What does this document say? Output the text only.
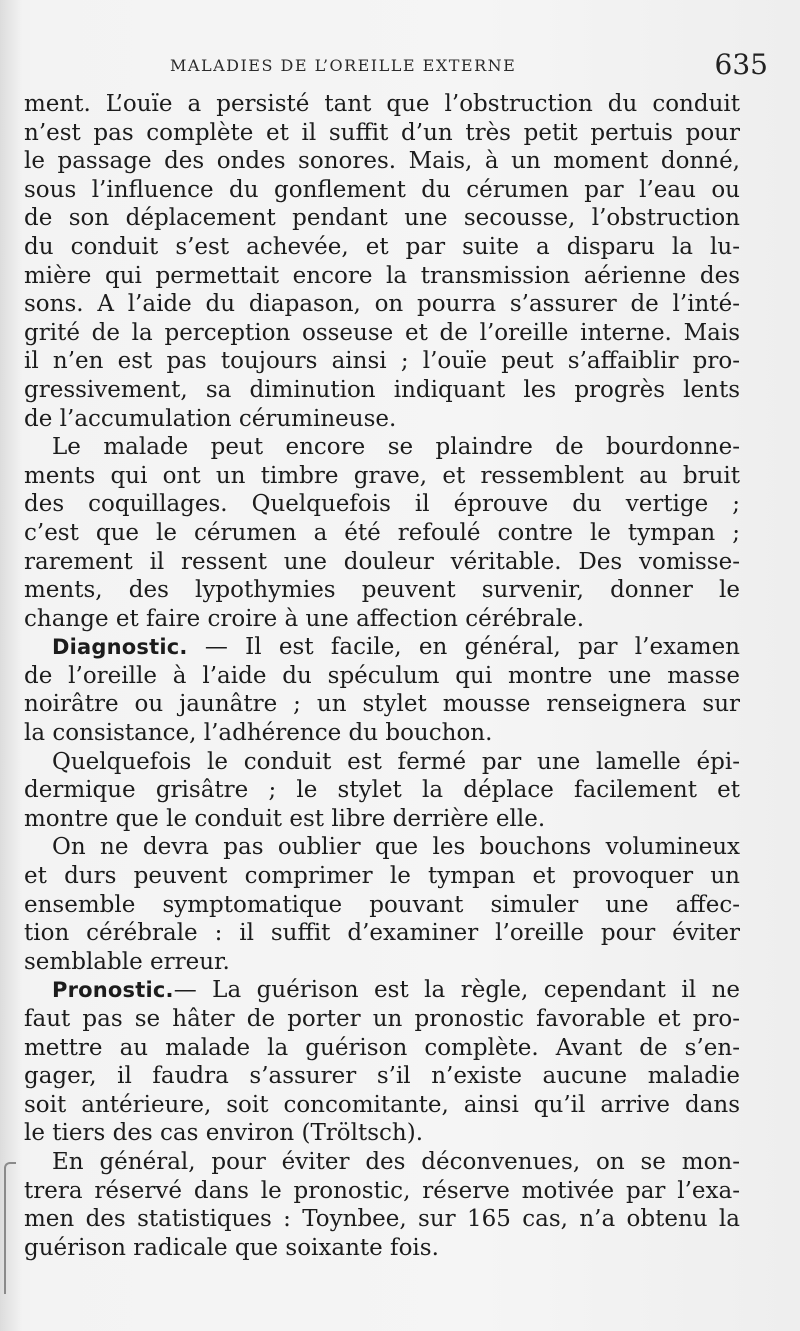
MALADIES DE L’OREILLE EXTERNE	635
ment. L’ouïe a persisté tant que l’obstruction du conduit
n’est pas complète et il suffit d’un très petit pertuis pour
le passage des ondes sonores. Mais, à un moment donné,
sous l’influence du gonflement du cérumen par l’eau ou
de son déplacement pendant une secousse, l’obstruction
du conduit s’est achevée, et par suite a disparu la lu-
mière qui permettait encore la transmission aérienne des
sons. A l’aide du diapason, on pourra s’assurer de l’inté-
grité de la perception osseuse et de l’oreille interne. Mais
il n’en est pas toujours ainsi ; l’ouïe peut s’affaiblir pro-
gressivement, sa diminution indiquant les progrès lents
de l’accumulation cérumineuse.
Le malade peut encore se plaindre de bourdonne-
ments qui ont un timbre grave, et ressemblent au bruit
des coquillages. Quelquefois il éprouve du vertige ;
c’est que le cérumen a été refoulé contre le tympan ;
rarement il ressent une douleur véritable. Des vomisse-
ments, des lypothymies peuvent survenir, donner le
change et faire croire à une affection cérébrale.
Diagnostic. — Il est facile, en général, par l’examen
de l’oreille à l’aide du spéculum qui montre une masse
noirâtre ou jaunâtre ; un stylet mousse renseignera sur
la consistance, l’adhérence du bouchon.
Quelquefois le conduit est fermé par une lamelle épi-
dermique grisâtre ; le stylet la déplace facilement et
montre que le conduit est libre derrière elle.
On ne devra pas oublier que les bouchons volumineux
et durs peuvent comprimer le tympan et provoquer un
ensemble symptomatique pouvant simuler une affec-
tion cérébrale : il suffit d’examiner l’oreille pour éviter
semblable erreur.
Pronostic.— La guérison est la règle, cependant il ne
faut pas se hâter de porter un pronostic favorable et pro-
mettre au malade la guérison complète. Avant de s’en-
gager, il faudra s’assurer s’il n’existe aucune maladie
soit antérieure, soit concomitante, ainsi qu’il arrive dans
le tiers des cas environ (Tröltsch).
En général, pour éviter des déconvenues, on se mon-
trera réservé dans le pronostic, réserve motivée par l’exa-
men des statistiques : Toynbee, sur 165 cas, n’a obtenu la
guérison radicale que soixante fois.
